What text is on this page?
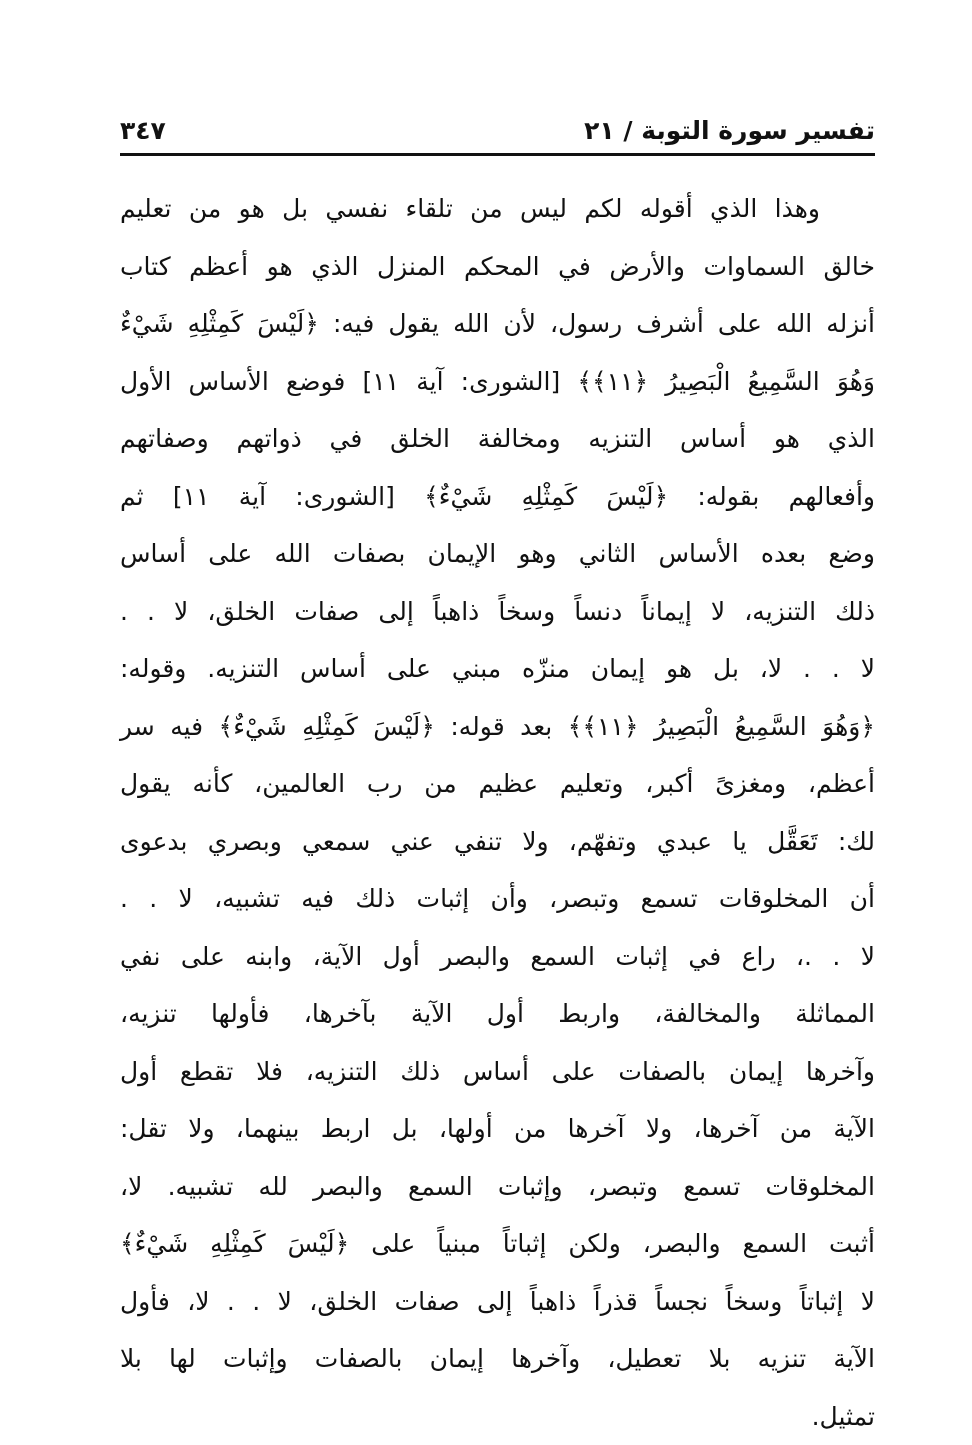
تفسير سورة التوبة / ٢١
٣٤٧
وهذا الذي أقوله لكم ليس من تلقاء نفسي بل هو من تعليم
خالق السماوات والأرض في المحكم المنزل الذي هو أعظم كتاب
أنزله الله على أشرف رسول، لأن الله يقول فيه: ﴿لَيْسَ كَمِثْلِهِ شَيْءٌ
وَهُوَ السَّمِيعُ الْبَصِيرُ ﴿١١﴾﴾ [الشورى: آية ١١] فوضع الأساس الأول
الذي هو أساس التنزيه ومخالفة الخلق في ذواتهم وصفاتهم
وأفعالهم بقوله: ﴿لَيْسَ كَمِثْلِهِ شَيْءٌ﴾ [الشورى: آية ١١] ثم
وضع بعده الأساس الثاني وهو الإيمان بصفات الله على أساس
ذلك التنزيه، لا إيماناً دنساً وسخاً ذاهباً إلى صفات الخلق، لا . .
لا . . لا، بل هو إيمان منزّه مبني على أساس التنزيه. وقوله:
﴿وَهُوَ السَّمِيعُ الْبَصِيرُ ﴿١١﴾﴾ بعد قوله: ﴿لَيْسَ كَمِثْلِهِ شَيْءٌ﴾ فيه سر
أعظم، ومغزىً أكبر، وتعليم عظيم من رب العالمين، كأنه يقول
لك: تَعَقَّل يا عبدي وتفهّم، ولا تنفي عني سمعي وبصري بدعوى
أن المخلوقات تسمع وتبصر، وأن إثبات ذلك فيه تشبيه، لا . .
لا . .، راع في إثبات السمع والبصر أول الآية، وابنه على نفي
المماثلة والمخالفة، واربط أول الآية بآخرها، فأولها تنزيه،
وآخرها إيمان بالصفات على أساس ذلك التنزيه، فلا تقطع أول
الآية من آخرها، ولا آخرها من أولها، بل اربط بينهما، ولا تقل:
المخلوقات تسمع وتبصر، وإثبات السمع والبصر لله تشبيه. لا،
أثبت السمع والبصر، ولكن إثباتاً مبنياً على ﴿لَيْسَ كَمِثْلِهِ شَيْءٌ﴾
لا إثباتاً وسخاً نجساً قذراً ذاهباً إلى صفات الخلق، لا . . لا، فأول
الآية تنزيه بلا تعطيل، وآخرها إيمان بالصفات وإثبات لها بلا
تمثيل.
